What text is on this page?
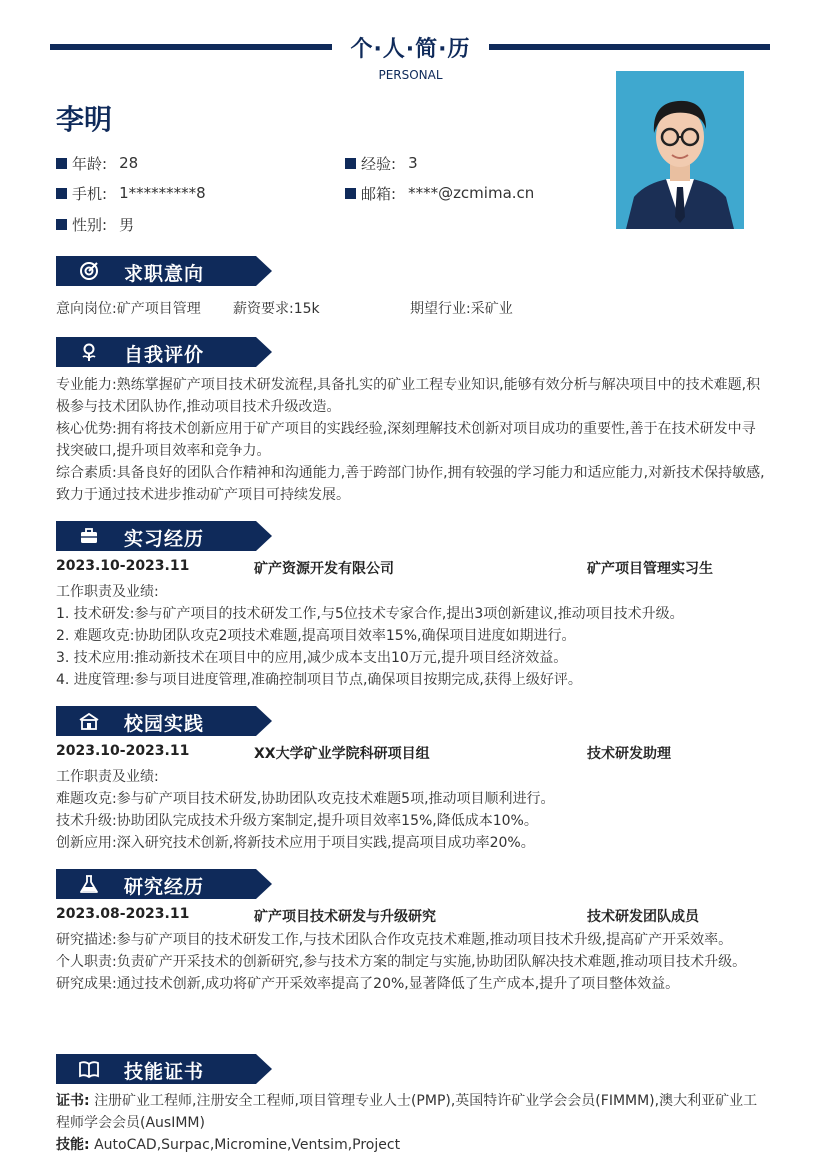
个·人·简·历
PERSONAL
李明
年龄: 28	经验: 3
手机: 1*********8	邮箱: ****@zcmima.cn
性别: 男
求职意向
意向岗位:矿产项目管理 薪资要求:15k	期望行业:采矿业
自我评价
专业能力:熟练掌握矿产项目技术研发流程,具备扎实的矿业工程专业知识,能够有效分析与解决项目中的技术难题,积极参与技术团队协作,推动项目技术升级改造。
核心优势:拥有将技术创新应用于矿产项目的实践经验,深刻理解技术创新对项目成功的重要性,善于在技术研发中寻找突破口,提升项目效率和竞争力。
综合素质:具备良好的团队合作精神和沟通能力,善于跨部门协作,拥有较强的学习能力和适应能力,对新技术保持敏感,致力于通过技术进步推动矿产项目可持续发展。
实习经历
2023.10-2023.11	矿产资源开发有限公司	矿产项目管理实习生
工作职责及业绩:
1. 技术研发:参与矿产项目的技术研发工作,与5位技术专家合作,提出3项创新建议,推动项目技术升级。
2. 难题攻克:协助团队攻克2项技术难题,提高项目效率15%,确保项目进度如期进行。
3. 技术应用:推动新技术在项目中的应用,减少成本支出10万元,提升项目经济效益。
4. 进度管理:参与项目进度管理,准确控制项目节点,确保项目按期完成,获得上级好评。
校园实践
2023.10-2023.11	XX大学矿业学院科研项目组	技术研发助理
工作职责及业绩:
难题攻克:参与矿产项目技术研发,协助团队攻克技术难题5项,推动项目顺利进行。
技术升级:协助团队完成技术升级方案制定,提升项目效率15%,降低成本10%。
创新应用:深入研究技术创新,将新技术应用于项目实践,提高项目成功率20%。
研究经历
2023.08-2023.11	矿产项目技术研发与升级研究	技术研发团队成员
研究描述:参与矿产项目的技术研发工作,与技术团队合作攻克技术难题,推动项目技术升级,提高矿产开采效率。
个人职责:负责矿产开采技术的创新研究,参与技术方案的制定与实施,协助团队解决技术难题,推动项目技术升级。
研究成果:通过技术创新,成功将矿产开采效率提高了20%,显著降低了生产成本,提升了项目整体效益。
技能证书
证书: 注册矿业工程师,注册安全工程师,项目管理专业人士(PMP),英国特许矿业学会会员(FIMMM),澳大利亚矿业工程师学会会员(AusIMM)
技能: AutoCAD,Surpac,Micromine,Ventsim,Project
